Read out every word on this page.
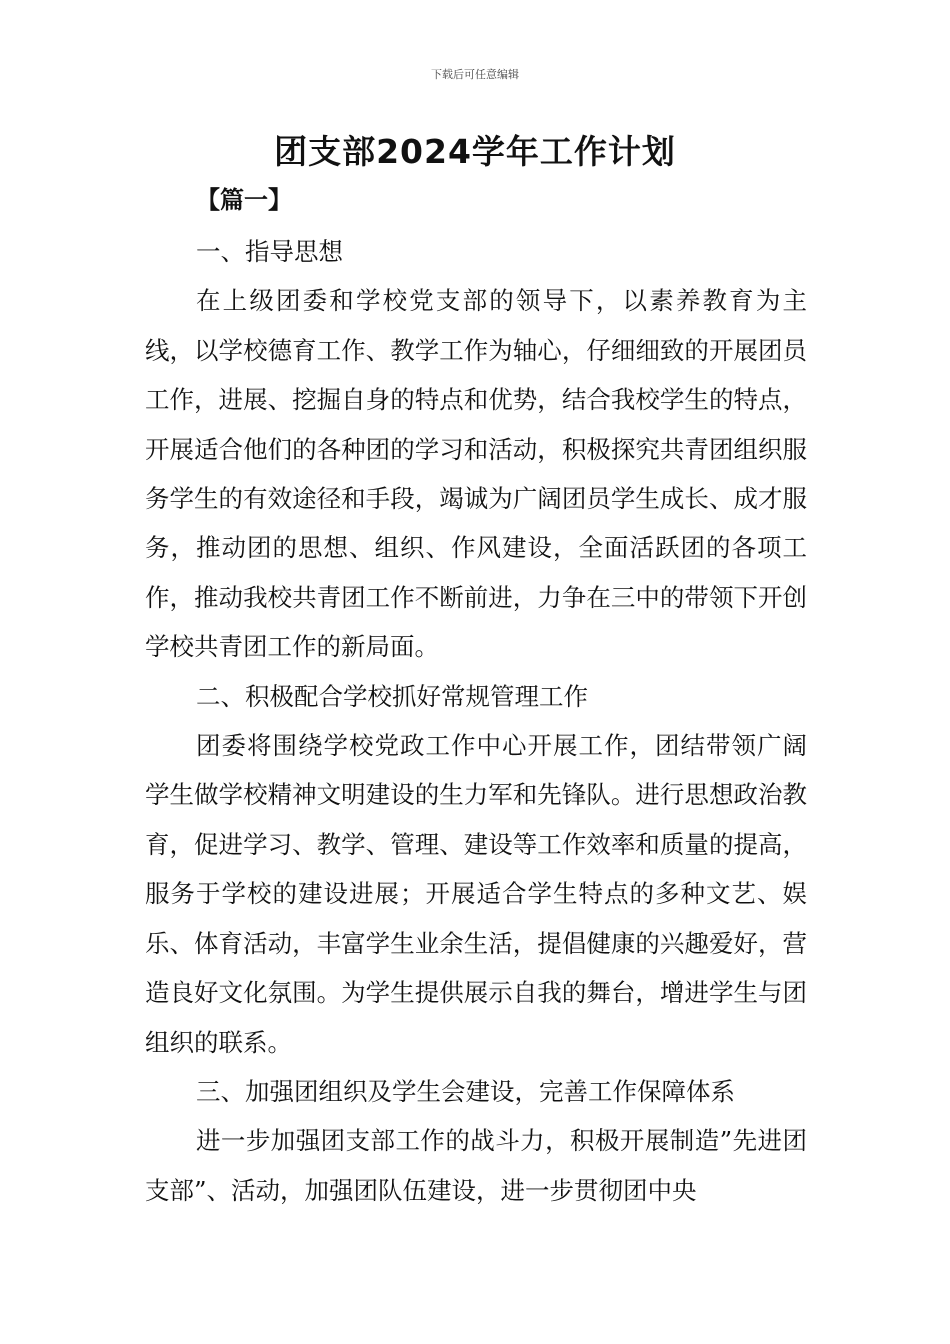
下载后可任意编辑
团支部2024学年工作计划
【篇一】

一、指导思想

在上级团委和学校党支部的领导下，以素养教育为主线，以学校德育工作、教学工作为轴心，仔细细致的开展团员工作，进展、挖掘自身的特点和优势，结合我校学生的特点，开展适合他们的各种团的学习和活动，积极探究共青团组织服务学生的有效途径和手段，竭诚为广阔团员学生成长、成才服务，推动团的思想、组织、作风建设，全面活跃团的各项工作，推动我校共青团工作不断前进，力争在三中的带领下开创学校共青团工作的新局面。

二、积极配合学校抓好常规管理工作

团委将围绕学校党政工作中心开展工作，团结带领广阔学生做学校精神文明建设的生力军和先锋队。进行思想政治教育，促进学习、教学、管理、建设等工作效率和质量的提高，服务于学校的建设进展；开展适合学生特点的多种文艺、娱乐、体育活动，丰富学生业余生活，提倡健康的兴趣爱好，营造良好文化氛围。为学生提供展示自我的舞台，增进学生与团组织的联系。

三、加强团组织及学生会建设，完善工作保障体系

进一步加强团支部工作的战斗力，积极开展制造”先进团支部”、活动，加强团队伍建设，进一步贯彻团中央
